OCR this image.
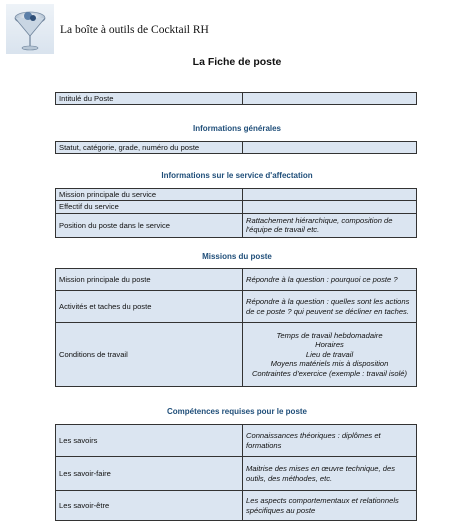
La boîte à outils de Cocktail RH
La Fiche de poste
Intitulé du Poste	
Informations générales
Statut, catégorie, grade, numéro du poste	
Informations sur le service d'affectation
Mission principale du service	
Effectif du service	
Position du poste dans le service	Rattachement hiérarchique, composition de l'équipe de travail etc.
Missions du poste
Mission principale du poste	Répondre à la question : pourquoi ce poste ?
Activités et taches du poste	Répondre à la question : quelles sont les actions de ce poste ? qui peuvent se décliner en taches.
Conditions de travail	Temps de travail hebdomadaire
Horaires
Lieu de travail
Moyens matériels mis à disposition
Contraintes d'exercice (exemple : travail isolé)
Compétences requises pour le poste
Les savoirs	Connaissances théoriques : diplômes et formations
Les savoir-faire	Maitrise des mises en œuvre technique, des outils, des méthodes, etc.
Les savoir-être	Les aspects comportementaux et relationnels spécifiques au poste
